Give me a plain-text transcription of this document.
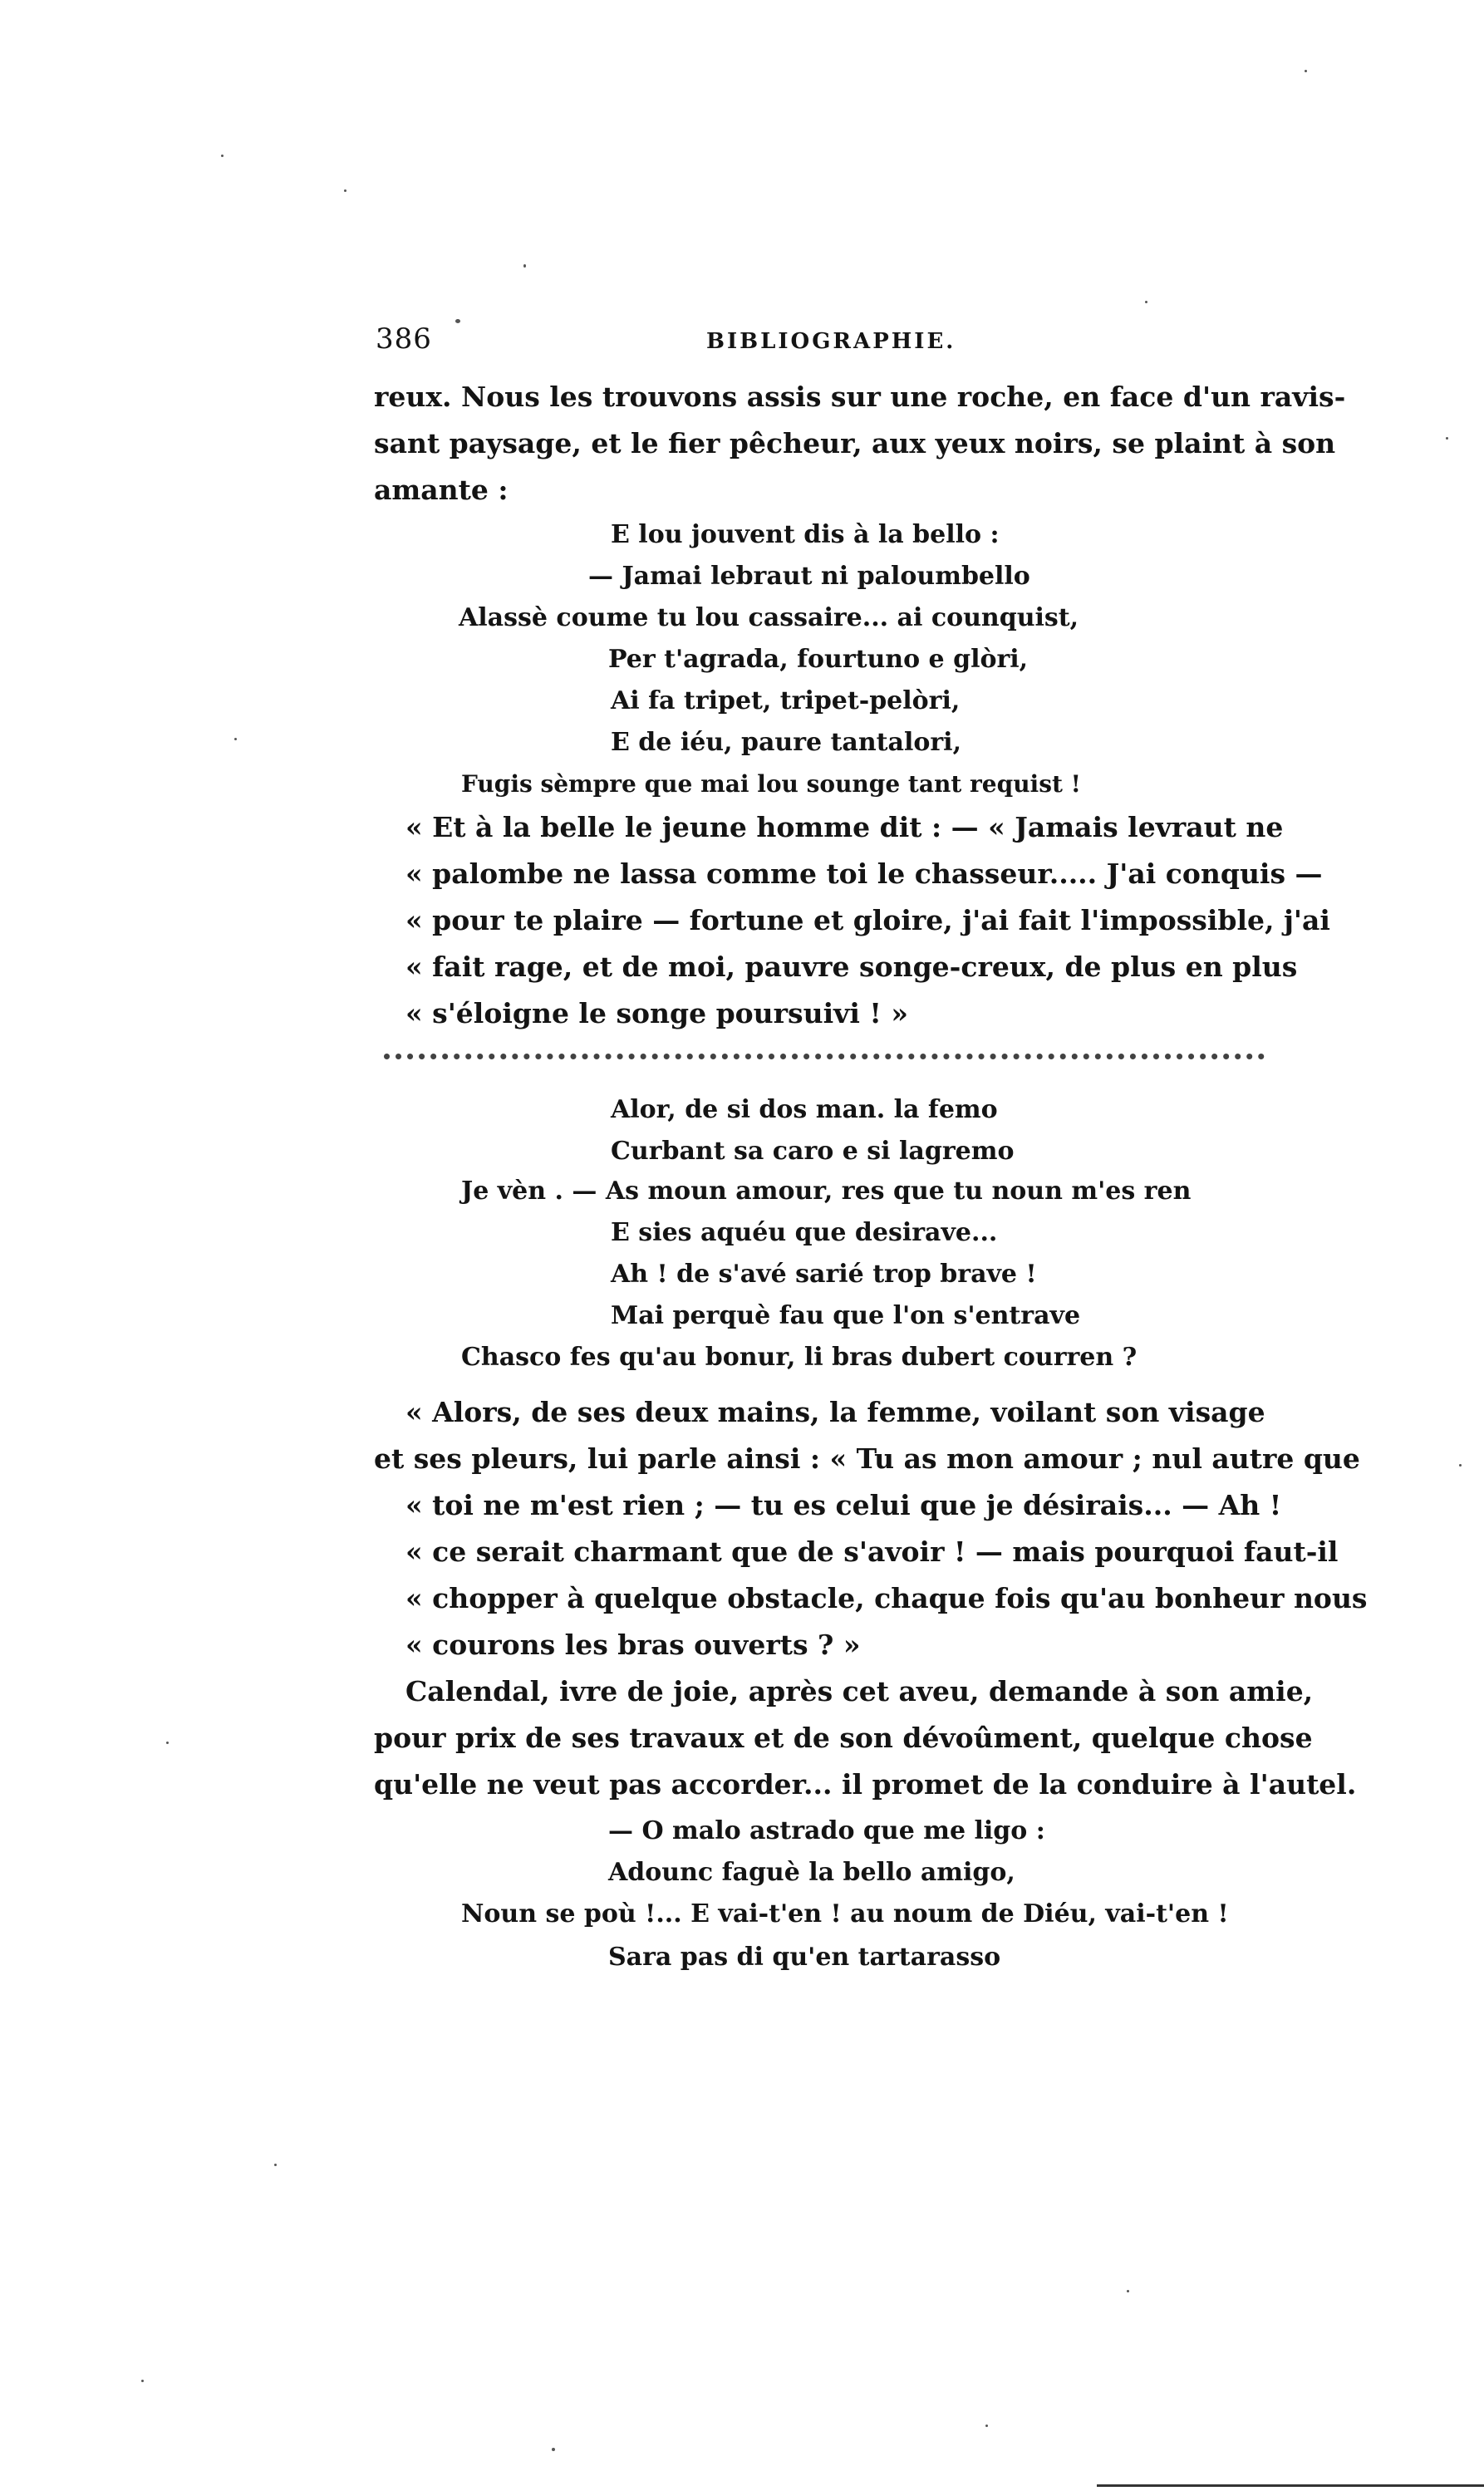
386	BIBLIOGRAPHIE.

reux. Nous les trouvons assis sur une roche, en face d'un ravis-
sant paysage, et le fier pêcheur, aux yeux noirs, se plaint à son
amante :

E lou jouvent dis à la bello :
— Jamai lebraut ni paloumbello
Alassè coume tu lou cassaire... ai counquist,
Per t'agrada, fourtuno e glòri,
Ai fa tripet, tripet-pelòri,
E de iéu, paure tantalori,
Fugis sèmpre que mai lou sounge tant requist !

« Et à la belle le jeune homme dit : — « Jamais levraut ne
« palombe ne lassa comme toi le chasseur..... J'ai conquis —
« pour te plaire — fortune et gloire, j'ai fait l'impossible, j'ai
« fait rage, et de moi, pauvre songe-creux, de plus en plus
« s'éloigne le songe poursuivi ! »

Alor, de si dos man. la femo
Curbant sa caro e si lagremo
Je vèn . — As moun amour, res que tu noun m'es ren
E sies aquéu que desirave...
Ah ! de s'avé sarié trop brave !
Mai perquè fau que l'on s'entrave
Chasco fes qu'au bonur, li bras dubert courren ?

« Alors, de ses deux mains, la femme, voilant son visage
et ses pleurs, lui parle ainsi : « Tu as mon amour ; nul autre que
« toi ne m'est rien ; — tu es celui que je désirais... — Ah !
« ce serait charmant que de s'avoir ! — mais pourquoi faut-il
« chopper à quelque obstacle, chaque fois qu'au bonheur nous
« courons les bras ouverts ? »

Calendal, ivre de joie, après cet aveu, demande à son amie,
pour prix de ses travaux et de son dévoûment, quelque chose
qu'elle ne veut pas accorder... il promet de la conduire à l'autel.

— O malo astrado que me ligo :
Adounc faguè la bello amigo,
Noun se poù !... E vai-t'en ! au noum de Diéu, vai-t'en !
Sara pas di qu'en tartarasso
